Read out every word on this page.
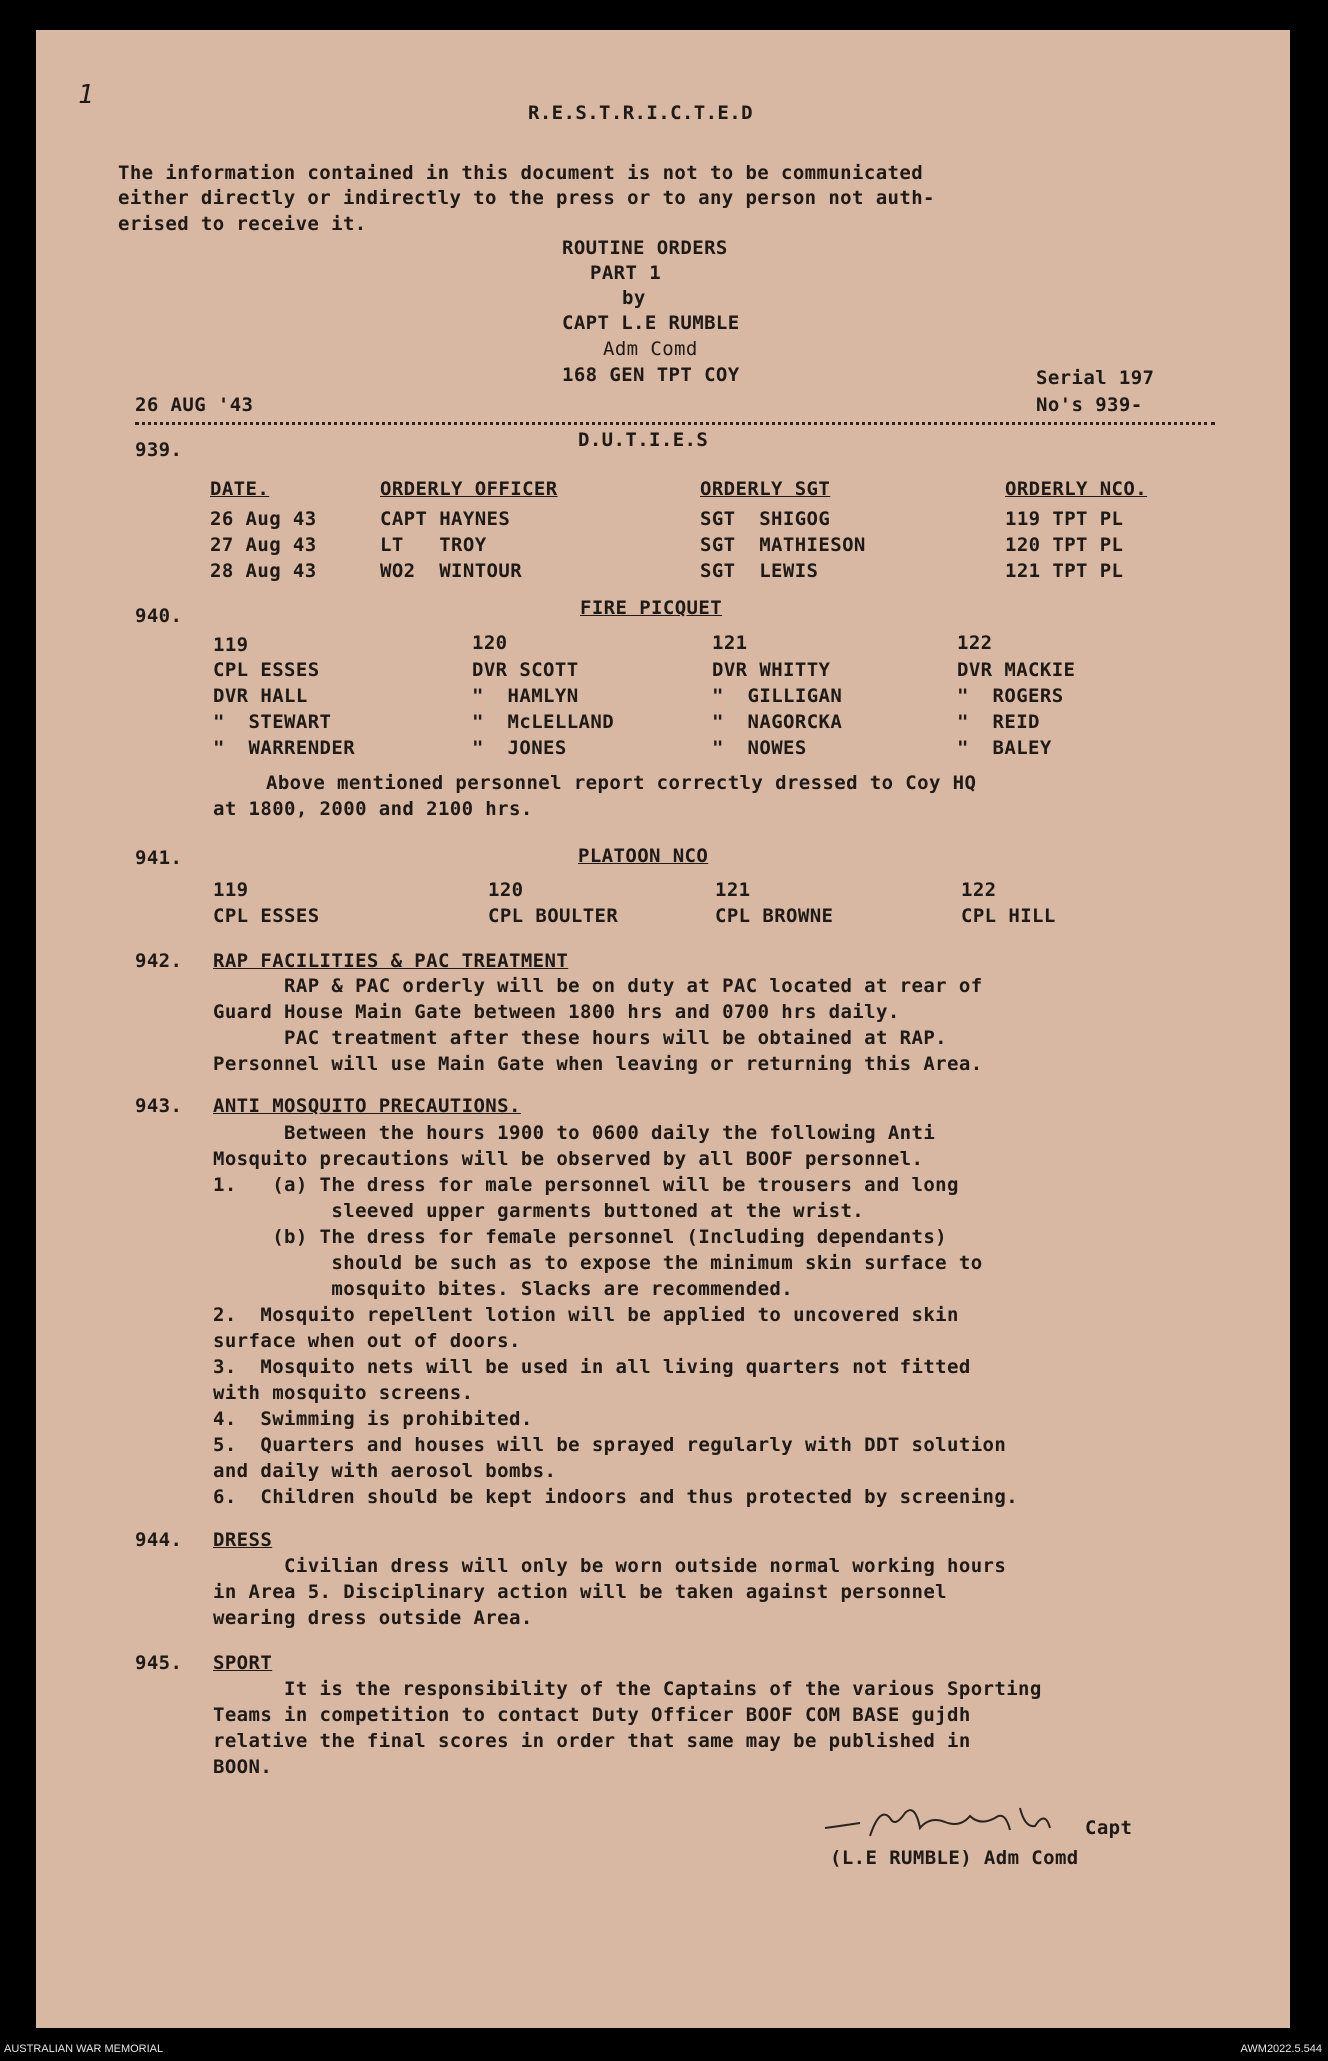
1
R.E.S.T.R.I.C.T.E.D
The information contained in this document is not to be communicated
either directly or indirectly to the press or to any person not auth-
erised to receive it.
ROUTINE ORDERS
PART 1
by
CAPT L.E RUMBLE
Adm Comd
168 GEN TPT COY	Serial 197
26 AUG '43	No's 939-
939.	D.U.T.I.E.S
DATE.	ORDERLY OFFICER	ORDERLY SGT	ORDERLY NCO.
26 Aug 43	CAPT HAYNES	SGT  SHIGOG	119 TPT PL
27 Aug 43	LT   TROY	SGT  MATHIESON	120 TPT PL
28 Aug 43	WO2  WINTOUR	SGT  LEWIS	121 TPT PL
940.	FIRE PICQUET
119	120	121	122
CPL ESSES	DVR SCOTT	DVR WHITTY	DVR MACKIE
DVR HALL	"  HAMLYN	"  GILLIGAN	"  ROGERS
"  STEWART	"  McLELLAND	"  NAGORCKA	"  REID
"  WARRENDER	"  JONES	"  NOWES	"  BALEY
Above mentioned personnel report correctly dressed to Coy HQ
at 1800, 2000 and 2100 hrs.
941.	PLATOON NCO
119	120	121	122
CPL ESSES	CPL BOULTER	CPL BROWNE	CPL HILL
942. RAP FACILITIES & PAC TREATMENT
RAP & PAC orderly will be on duty at PAC located at rear of
Guard House Main Gate between 1800 hrs and 0700 hrs daily.
PAC treatment after these hours will be obtained at RAP.
Personnel will use Main Gate when leaving or returning this Area.
943. ANTI MOSQUITO PRECAUTIONS.
Between the hours 1900 to 0600 daily the following Anti
Mosquito precautions will be observed by all BOOF personnel.
1.   (a) The dress for male personnel will be trousers and long
sleeved upper garments buttoned at the wrist.
(b) The dress for female personnel (Including dependants)
should be such as to expose the minimum skin surface to
mosquito bites. Slacks are recommended.
2.  Mosquito repellent lotion will be applied to uncovered skin
surface when out of doors.
3.  Mosquito nets will be used in all living quarters not fitted
with mosquito screens.
4.  Swimming is prohibited.
5.  Quarters and houses will be sprayed regularly with DDT solution
and daily with aerosol bombs.
6.  Children should be kept indoors and thus protected by screening.
944. DRESS
Civilian dress will only be worn outside normal working hours
in Area 5. Disciplinary action will be taken against personnel
wearing dress outside Area.
945. SPORT
It is the responsibility of the Captains of the various Sporting
Teams in competition to contact Duty Officer BOOF COM BASE gujdh
relative the final scores in order that same may be published in
BOON.
Capt
(L.E RUMBLE) Adm Comd
AUSTRALIAN WAR MEMORIAL	AWM2022.5.544
